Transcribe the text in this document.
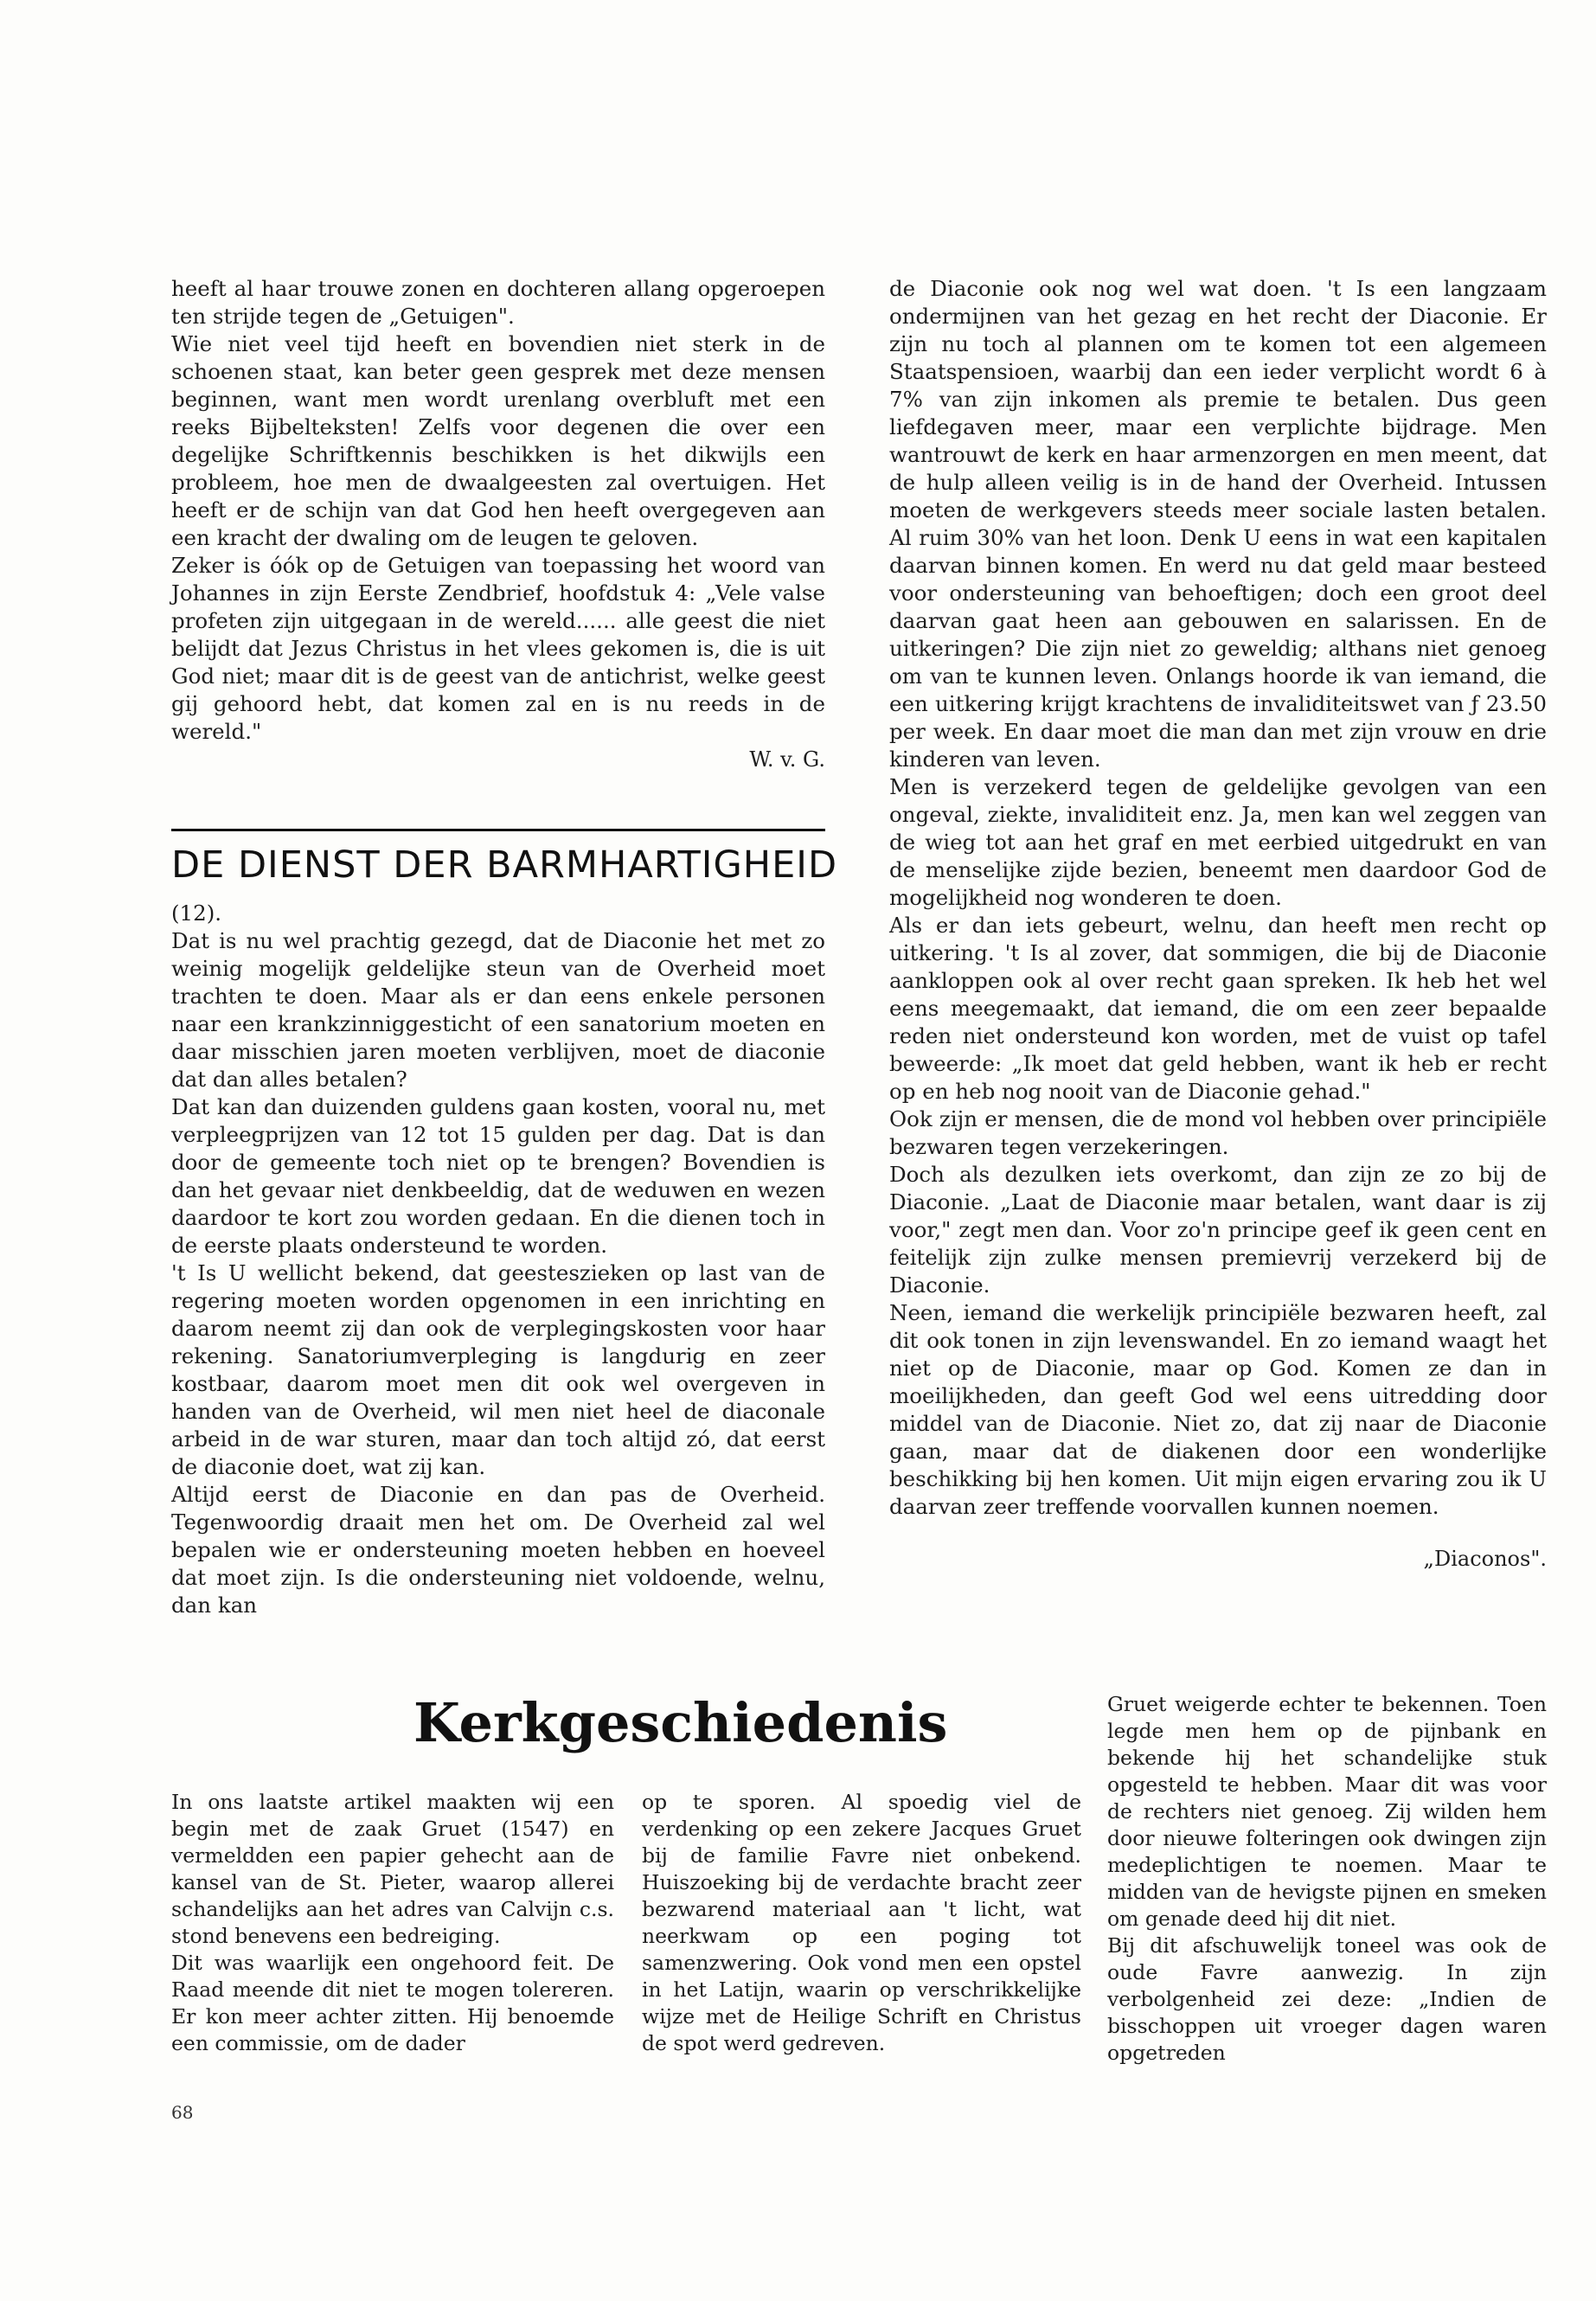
heeft al haar trouwe zonen en dochteren allang opgeroepen ten strijde tegen de „Getuigen".

Wie niet veel tijd heeft en bovendien niet sterk in de schoenen staat, kan beter geen gesprek met deze mensen beginnen, want men wordt urenlang overbluft met een reeks Bijbelteksten! Zelfs voor degenen die over een degelijke Schriftkennis beschikken is het dikwijls een probleem, hoe men de dwaalgeesten zal overtuigen. Het heeft er de schijn van dat God hen heeft overgegeven aan een kracht der dwaling om de leugen te geloven.

Zeker is óók op de Getuigen van toepassing het woord van Johannes in zijn Eerste Zendbrief, hoofdstuk 4: „Vele valse profeten zijn uitgegaan in de wereld...... alle geest die niet belijdt dat Jezus Christus in het vlees gekomen is, die is uit God niet; maar dit is de geest van de antichrist, welke geest gij gehoord hebt, dat komen zal en is nu reeds in de wereld."

W. v. G.

DE DIENST DER BARMHARTIGHEID

(12).

Dat is nu wel prachtig gezegd, dat de Diaconie het met zo weinig mogelijk geldelijke steun van de Overheid moet trachten te doen. Maar als er dan eens enkele personen naar een krankzinniggesticht of een sanatorium moeten en daar misschien jaren moeten verblijven, moet de diaconie dat dan alles betalen?

Dat kan dan duizenden guldens gaan kosten, vooral nu, met verpleegprijzen van 12 tot 15 gulden per dag. Dat is dan door de gemeente toch niet op te brengen? Bovendien is dan het gevaar niet denkbeeldig, dat de weduwen en wezen daardoor te kort zou worden gedaan. En die dienen toch in de eerste plaats ondersteund te worden.

't Is U wellicht bekend, dat geesteszieken op last van de regering moeten worden opgenomen in een inrichting en daarom neemt zij dan ook de verplegingskosten voor haar rekening. Sanatoriumverpleging is langdurig en zeer kostbaar, daarom moet men dit ook wel overgeven in handen van de Overheid, wil men niet heel de diaconale arbeid in de war sturen, maar dan toch altijd zó, dat eerst de diaconie doet, wat zij kan.

Altijd eerst de Diaconie en dan pas de Overheid. Tegenwoordig draait men het om. De Overheid zal wel bepalen wie er ondersteuning moeten hebben en hoeveel dat moet zijn. Is die ondersteuning niet voldoende, welnu, dan kan

de Diaconie ook nog wel wat doen. 't Is een langzaam ondermijnen van het gezag en het recht der Diaconie. Er zijn nu toch al plannen om te komen tot een algemeen Staatspensioen, waarbij dan een ieder verplicht wordt 6 à 7% van zijn inkomen als premie te betalen. Dus geen liefdegaven meer, maar een verplichte bijdrage. Men wantrouwt de kerk en haar armenzorgen en men meent, dat de hulp alleen veilig is in de hand der Overheid. Intussen moeten de werkgevers steeds meer sociale lasten betalen. Al ruim 30% van het loon. Denk U eens in wat een kapitalen daarvan binnen komen. En werd nu dat geld maar besteed voor ondersteuning van behoeftigen; doch een groot deel daarvan gaat heen aan gebouwen en salarissen. En de uitkeringen? Die zijn niet zo geweldig; althans niet genoeg om van te kunnen leven. Onlangs hoorde ik van iemand, die een uitkering krijgt krachtens de invaliditeitswet van ƒ 23.50 per week. En daar moet die man dan met zijn vrouw en drie kinderen van leven.

Men is verzekerd tegen de geldelijke gevolgen van een ongeval, ziekte, invaliditeit enz. Ja, men kan wel zeggen van de wieg tot aan het graf en met eerbied uitgedrukt en van de menselijke zijde bezien, beneemt men daardoor God de mogelijkheid nog wonderen te doen.

Als er dan iets gebeurt, welnu, dan heeft men recht op uitkering. 't Is al zover, dat sommigen, die bij de Diaconie aankloppen ook al over recht gaan spreken. Ik heb het wel eens meegemaakt, dat iemand, die om een zeer bepaalde reden niet ondersteund kon worden, met de vuist op tafel beweerde: „Ik moet dat geld hebben, want ik heb er recht op en heb nog nooit van de Diaconie gehad."

Ook zijn er mensen, die de mond vol hebben over principiële bezwaren tegen verzekeringen.

Doch als dezulken iets overkomt, dan zijn ze zo bij de Diaconie. „Laat de Diaconie maar betalen, want daar is zij voor," zegt men dan. Voor zo'n principe geef ik geen cent en feitelijk zijn zulke mensen premievrij verzekerd bij de Diaconie.

Neen, iemand die werkelijk principiële bezwaren heeft, zal dit ook tonen in zijn levenswandel. En zo iemand waagt het niet op de Diaconie, maar op God. Komen ze dan in moeilijkheden, dan geeft God wel eens uitredding door middel van de Diaconie. Niet zo, dat zij naar de Diaconie gaan, maar dat de diakenen door een wonderlijke beschikking bij hen komen. Uit mijn eigen ervaring zou ik U daarvan zeer treffende voorvallen kunnen noemen.

„Diaconos".

Kerkgeschiedenis

In ons laatste artikel maakten wij een begin met de zaak Gruet (1547) en vermeldden een papier gehecht aan de kansel van de St. Pieter, waarop allerei schandelijks aan het adres van Calvijn c.s. stond benevens een bedreiging.

Dit was waarlijk een ongehoord feit. De Raad meende dit niet te mogen tolereren. Er kon meer achter zitten. Hij benoemde een commissie, om de dader

op te sporen. Al spoedig viel de verdenking op een zekere Jacques Gruet bij de familie Favre niet onbekend. Huiszoeking bij de verdachte bracht zeer bezwarend materiaal aan 't licht, wat neerkwam op een poging tot samenzwering. Ook vond men een opstel in het Latijn, waarin op verschrikkelijke wijze met de Heilige Schrift en Christus de spot werd gedreven.

Gruet weigerde echter te bekennen. Toen legde men hem op de pijnbank en bekende hij het schandelijke stuk opgesteld te hebben. Maar dit was voor de rechters niet genoeg. Zij wilden hem door nieuwe folteringen ook dwingen zijn medeplichtigen te noemen. Maar te midden van de hevigste pijnen en smeken om genade deed hij dit niet.

Bij dit afschuwelijk toneel was ook de oude Favre aanwezig. In zijn verbolgenheid zei deze: „Indien de bisschoppen uit vroeger dagen waren opgetreden

68
